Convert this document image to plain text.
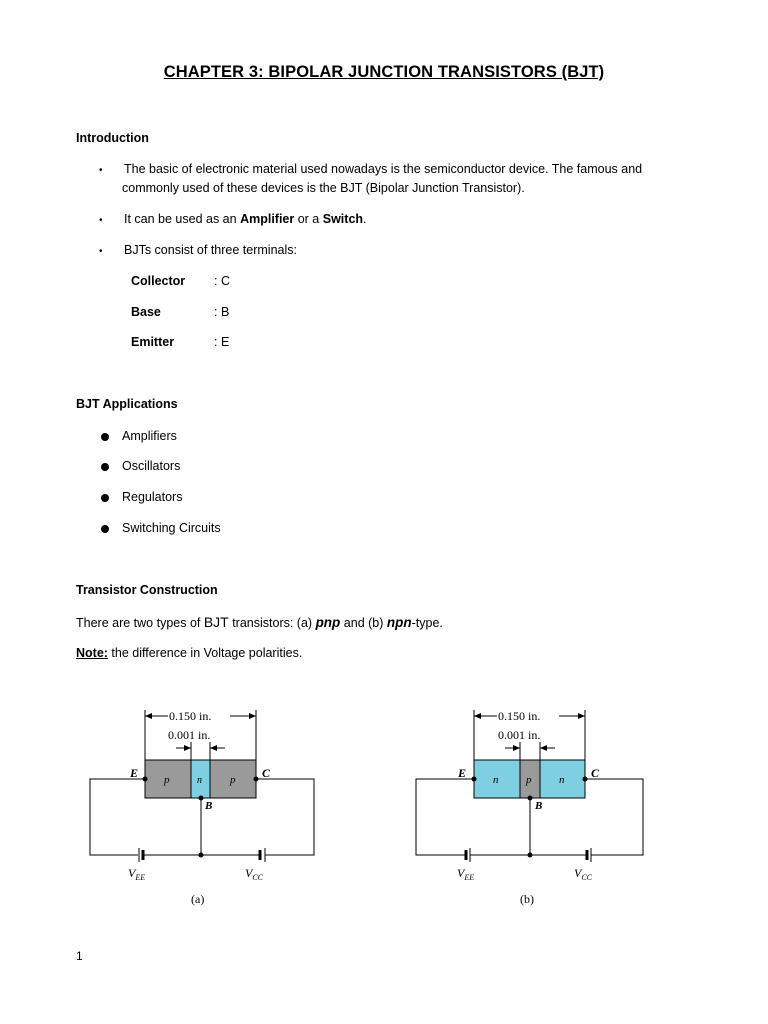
CHAPTER 3: BIPOLAR JUNCTION TRANSISTORS (BJT)
Introduction
• The basic of electronic material used nowadays is the semiconductor device. The famous and
commonly used of these devices is the BJT (Bipolar Junction Transistor).
• It can be used as an Amplifier or a Switch.
• BJTs consist of three terminals:
Collector : C
Base	: B
Emitter	: E
BJT Applications
Amplifiers
Oscillators
Regulators
Switching Circuits
Transistor Construction
There are two types of BJT transistors: (a) pnp and (b) npn-type.
Note: the difference in Voltage polarities.
0.150 in.
0.001 in.
p	n	p
E	C
B
$V_{EE}$	$V_{CC}$
(a)
0.150 in.
0.001 in.
n	p	n
E	C
B
$V_{EE}$	$V_{CC}$
(b)
1
